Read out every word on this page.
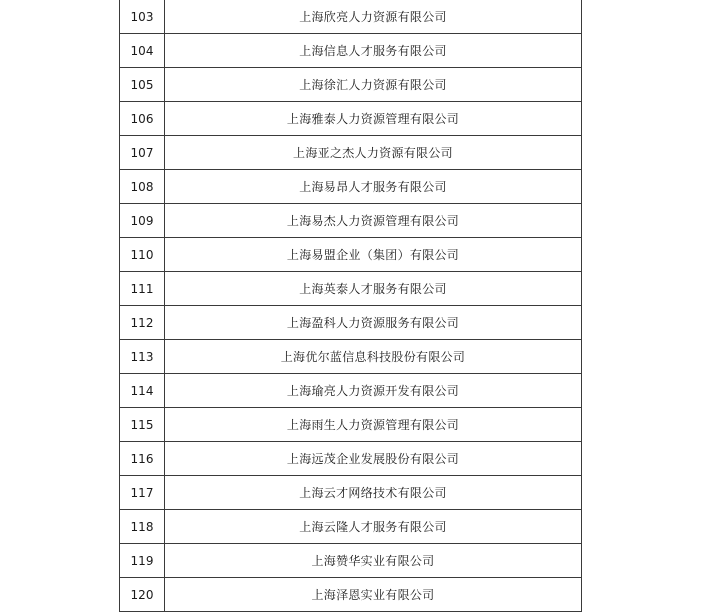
103	上海欣亮人力资源有限公司
104	上海信息人才服务有限公司
105	上海徐汇人力资源有限公司
106	上海雅泰人力资源管理有限公司
107	上海亚之杰人力资源有限公司
108	上海易昂人才服务有限公司
109	上海易杰人力资源管理有限公司
110	上海易盟企业（集团）有限公司
111	上海英泰人才服务有限公司
112	上海盈科人力资源服务有限公司
113	上海优尔蓝信息科技股份有限公司
114	上海瑜亮人力资源开发有限公司
115	上海雨生人力资源管理有限公司
116	上海远茂企业发展股份有限公司
117	上海云才网络技术有限公司
118	上海云隆人才服务有限公司
119	上海赞华实业有限公司
120	上海泽恩实业有限公司
